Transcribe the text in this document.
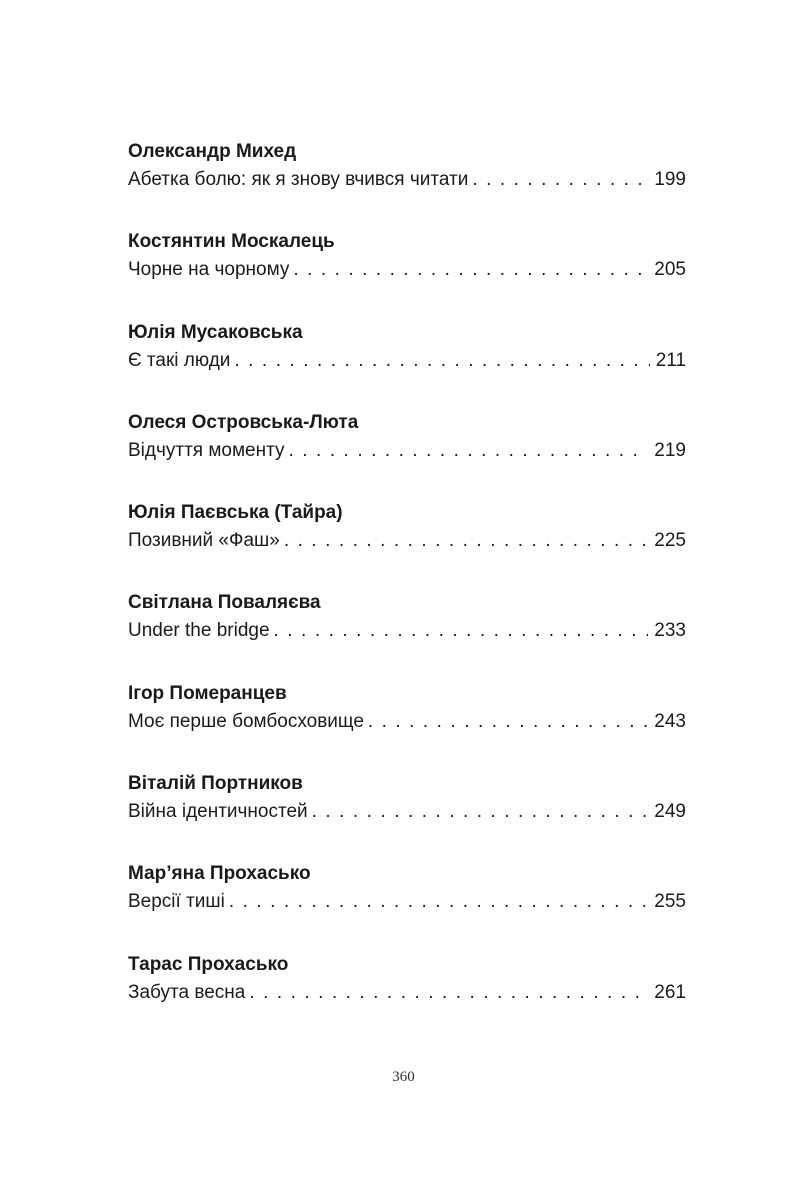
Олександр Михед
Абетка болю: як я знову вчився читати . . .	199
Костянтин Москалець
Чорне на чорному . . .	205
Юлія Мусаковська
Є такі люди . . .	211
Олеся Островська-Люта
Відчуття моменту . . .	219
Юлія Паєвська (Тайра)
Позивний «Фаш» . . .	225
Світлана Поваляєва
Under the bridge . . .	233
Ігор Померанцев
Моє перше бомбосховище . . .	243
Віталій Портников
Війна ідентичностей . . .	249
Мар’яна Прохасько
Версії тиші . . .	255
Тарас Прохасько
Забута весна . . .	261
360
